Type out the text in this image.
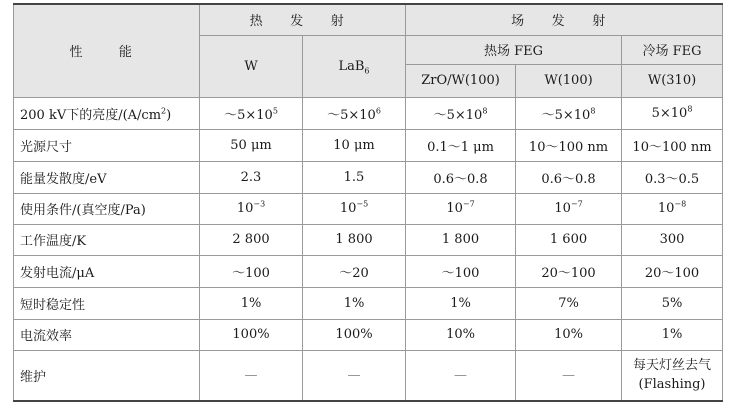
性　能	热 发 射		场 发 射		
	W	LaB$_6$	热场 FEG		冷场 FEG
			ZrO/W(100)	W(100)	W(310)
200 kV下的亮度$/(A/cm^2)$	$\sim 5\times 10^5$	$\sim 5\times 10^6$	$\sim 5\times 10^8$	$\sim 5\times 10^8$	$5\times 10^8$
光源尺寸	50 μm	10 μm	0.1～1 μm	10～100 nm	10～100 nm
能量发散度/eV	2.3	1.5	0.6～0.8	0.6～0.8	0.3～0.5
使用条件/(真空度/Pa)	$10^{-3}$	$10^{-5}$	$10^{-7}$	$10^{-7}$	$10^{-8}$
工作温度/K	2 800	1 800	1 800	1 600	300
发射电流/μA	～100	～20	～100	20～100	20～100
短时稳定性	1%	1%	1%	7%	5%
电流效率	100%	100%	10%	10%	1%
维护	—	—	—	—	每天灯丝去气
(Flashing)
